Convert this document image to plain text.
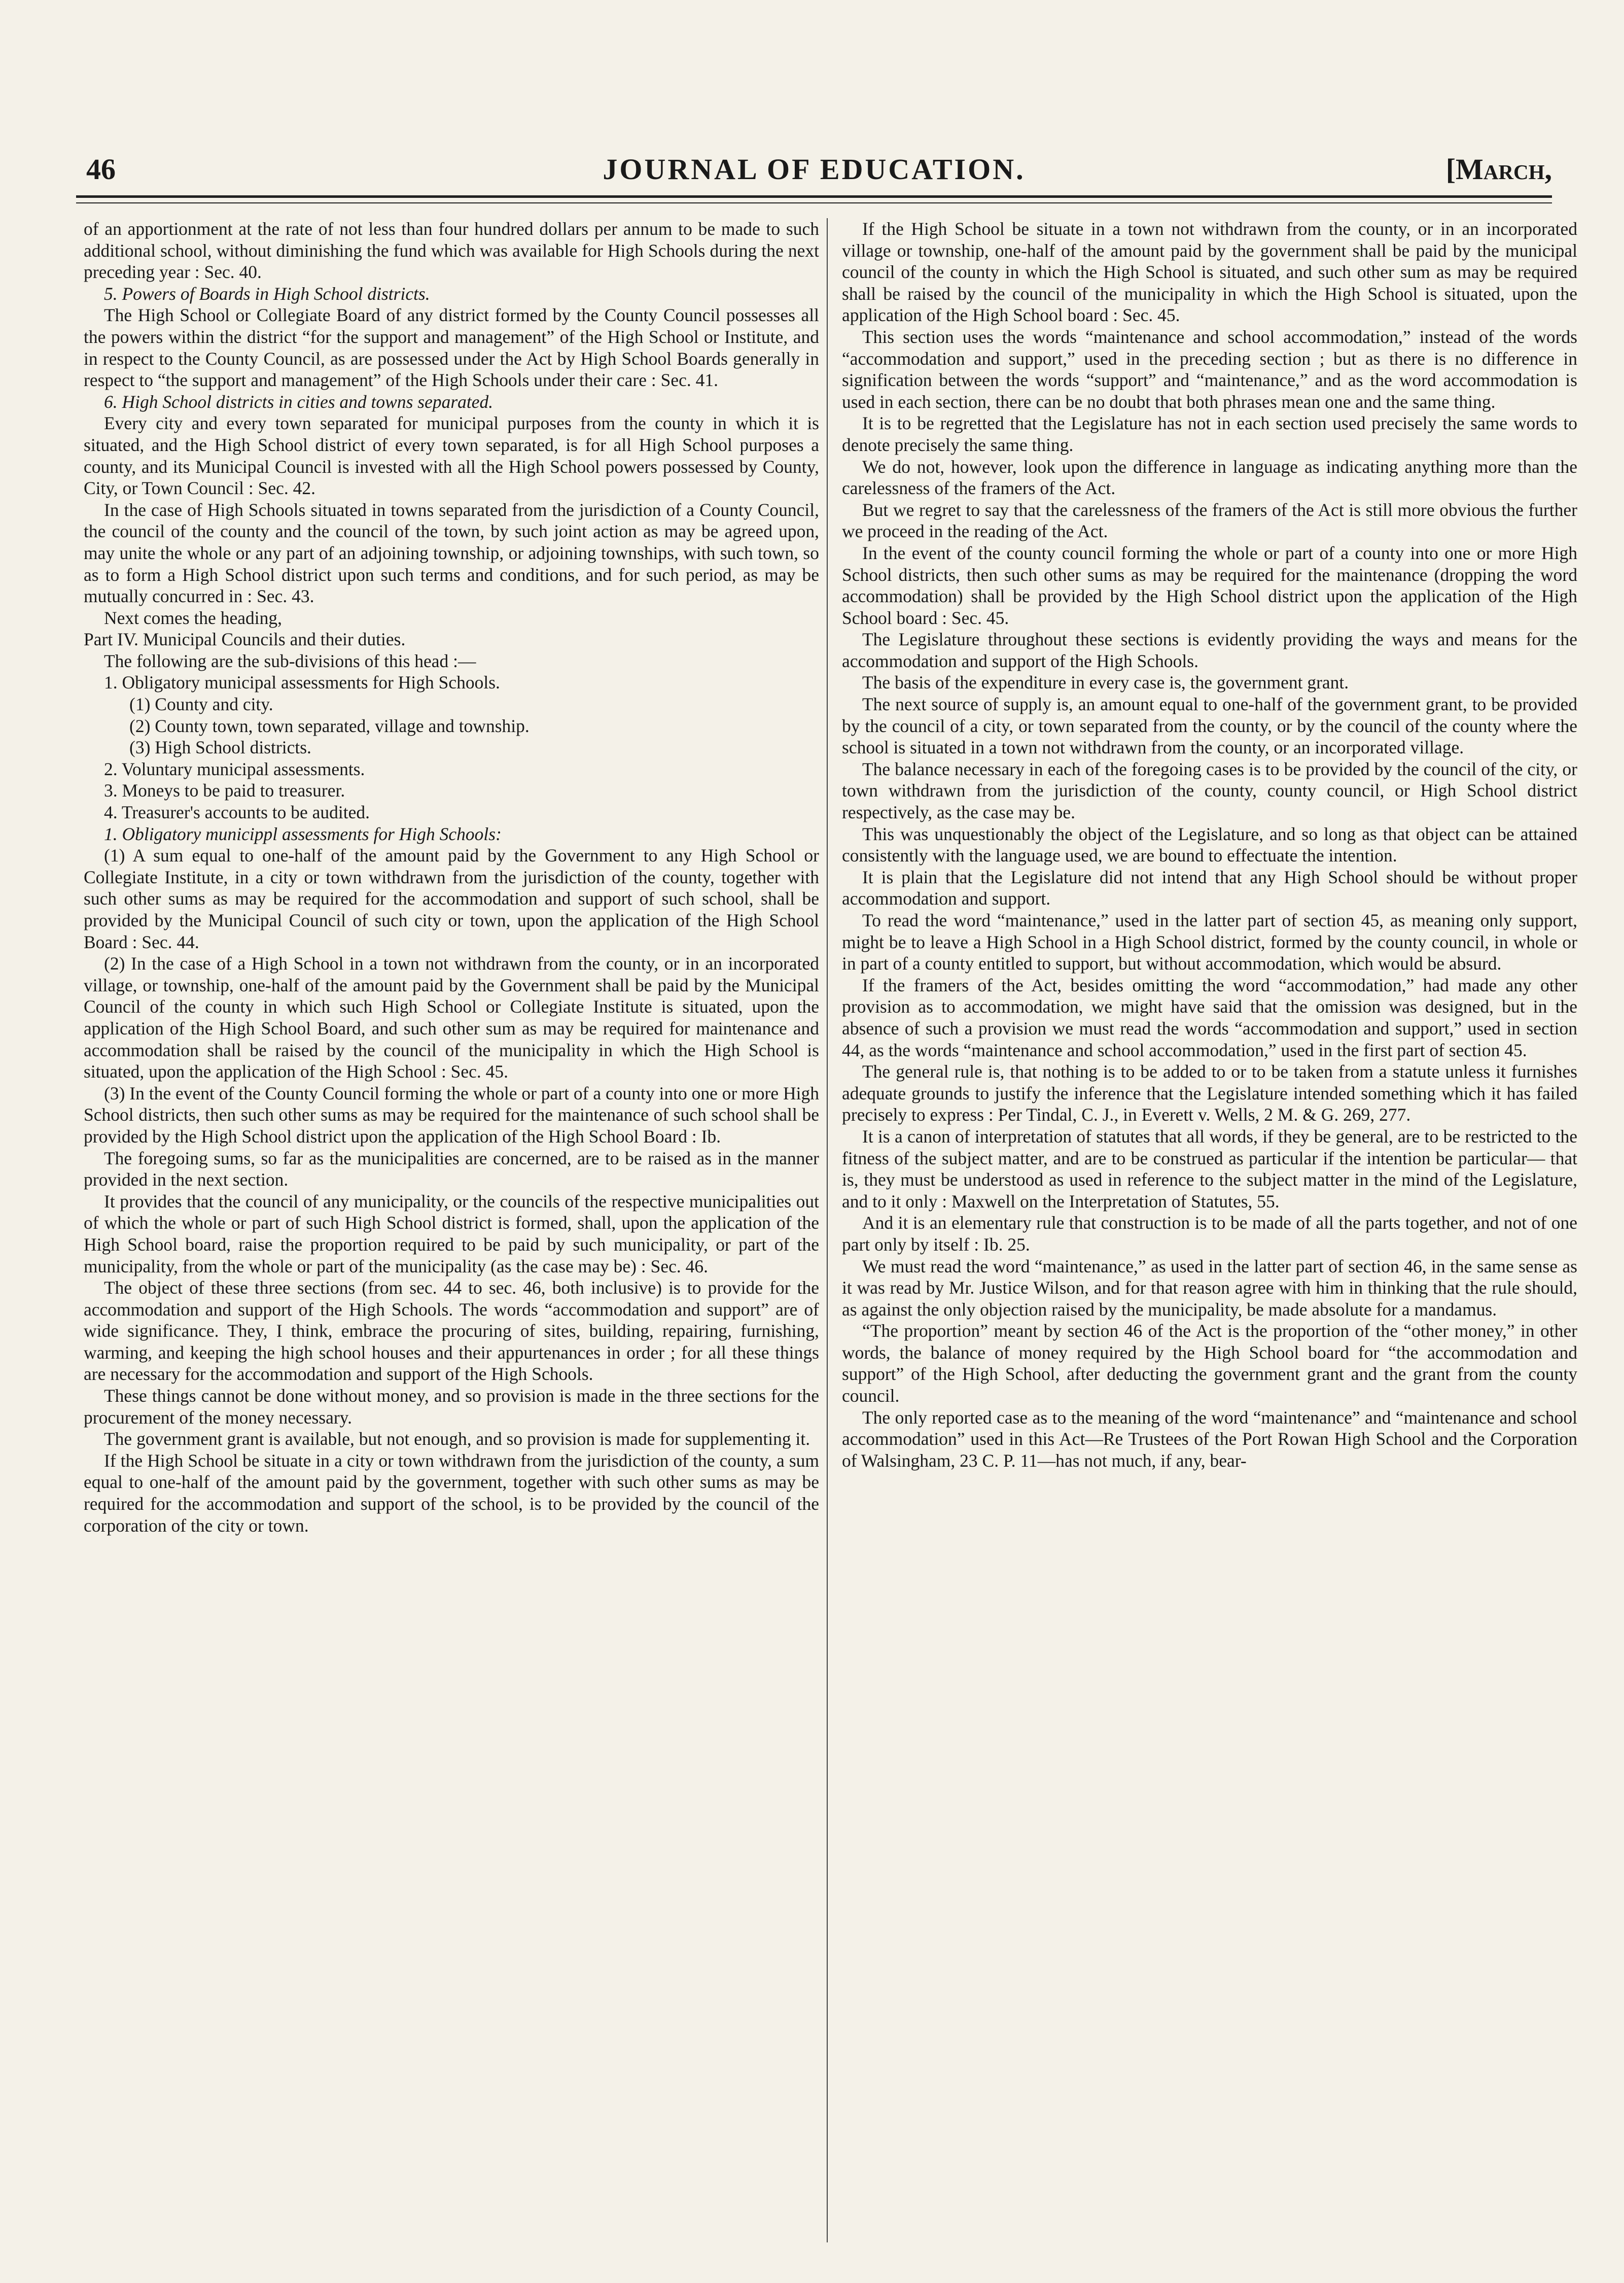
46	JOURNAL OF EDUCATION.	[March,

of an apportionment at the rate of not less than four hundred dollars per annum to be made to such additional school, without diminishing the fund which was available for High Schools during the next preceding year : Sec. 40.

5. Powers of Boards in High School districts.

The High School or Collegiate Board of any district formed by the County Council possesses all the powers within the district “for the support and management” of the High School or Institute, and in respect to the County Council, as are possessed under the Act by High School Boards generally in respect to “the support and management” of the High Schools under their care : Sec. 41.

6. High School districts in cities and towns separated.

Every city and every town separated for municipal purposes from the county in which it is situated, and the High School district of every town separated, is for all High School purposes a county, and its Municipal Council is invested with all the High School powers possessed by County, City, or Town Council : Sec. 42.

In the case of High Schools situated in towns separated from the jurisdiction of a County Council, the council of the county and the council of the town, by such joint action as may be agreed upon, may unite the whole or any part of an adjoining township, or adjoining townships, with such town, so as to form a High School district upon such terms and conditions, and for such period, as may be mutually concurred in : Sec. 43.

Next comes the heading,

Part IV. Municipal Councils and their duties.

The following are the sub-divisions of this head :—

1. Obligatory municipal assessments for High Schools.

(1) County and city.

(2) County town, town separated, village and township.

(3) High School districts.

2. Voluntary municipal assessments.

3. Moneys to be paid to treasurer.

4. Treasurer's accounts to be audited.

1. Obligatory municippl assessments for High Schools:

(1) A sum equal to one-half of the amount paid by the Government to any High School or Collegiate Institute, in a city or town withdrawn from the jurisdiction of the county, together with such other sums as may be required for the accommodation and support of such school, shall be provided by the Municipal Council of such city or town, upon the application of the High School Board : Sec. 44.

(2) In the case of a High School in a town not withdrawn from the county, or in an incorporated village, or township, one-half of the amount paid by the Government shall be paid by the Municipal Council of the county in which such High School or Collegiate Institute is situated, upon the application of the High School Board, and such other sum as may be required for maintenance and accommodation shall be raised by the council of the municipality in which the High School is situated, upon the application of the High School : Sec. 45.

(3) In the event of the County Council forming the whole or part of a county into one or more High School districts, then such other sums as may be required for the maintenance of such school shall be provided by the High School district upon the application of the High School Board : Ib.

The foregoing sums, so far as the municipalities are concerned, are to be raised as in the manner provided in the next section.

It provides that the council of any municipality, or the councils of the respective municipalities out of which the whole or part of such High School district is formed, shall, upon the application of the High School board, raise the proportion required to be paid by such municipality, or part of the municipality, from the whole or part of the municipality (as the case may be) : Sec. 46.

The object of these three sections (from sec. 44 to sec. 46, both inclusive) is to provide for the accommodation and support of the High Schools. The words “accommodation and support” are of wide significance. They, I think, embrace the procuring of sites, building, repairing, furnishing, warming, and keeping the high school houses and their appurtenances in order ; for all these things are necessary for the accommodation and support of the High Schools.

These things cannot be done without money, and so provision is made in the three sections for the procurement of the money necessary.

The government grant is available, but not enough, and so provision is made for supplementing it.

If the High School be situate in a city or town withdrawn from the jurisdiction of the county, a sum equal to one-half of the amount paid by the government, together with such other sums as may be required for the accommodation and support of the school, is to be provided by the council of the corporation of the city or town.

If the High School be situate in a town not withdrawn from the county, or in an incorporated village or township, one-half of the amount paid by the government shall be paid by the municipal council of the county in which the High School is situated, and such other sum as may be required shall be raised by the council of the municipality in which the High School is situated, upon the application of the High School board : Sec. 45.

This section uses the words “maintenance and school accommodation,” instead of the words “accommodation and support,” used in the preceding section ; but as there is no difference in signification between the words “support” and “maintenance,” and as the word accommodation is used in each section, there can be no doubt that both phrases mean one and the same thing.

It is to be regretted that the Legislature has not in each section used precisely the same words to denote precisely the same thing.

We do not, however, look upon the difference in language as indicating anything more than the carelessness of the framers of the Act.

But we regret to say that the carelessness of the framers of the Act is still more obvious the further we proceed in the reading of the Act.

In the event of the county council forming the whole or part of a county into one or more High School districts, then such other sums as may be required for the maintenance (dropping the word accommodation) shall be provided by the High School district upon the application of the High School board : Sec. 45.

The Legislature throughout these sections is evidently providing the ways and means for the accommodation and support of the High Schools.

The basis of the expenditure in every case is, the government grant.

The next source of supply is, an amount equal to one-half of the government grant, to be provided by the council of a city, or town separated from the county, or by the council of the county where the school is situated in a town not withdrawn from the county, or an incorporated village.

The balance necessary in each of the foregoing cases is to be provided by the council of the city, or town withdrawn from the jurisdiction of the county, county council, or High School district respectively, as the case may be.

This was unquestionably the object of the Legislature, and so long as that object can be attained consistently with the language used, we are bound to effectuate the intention.

It is plain that the Legislature did not intend that any High School should be without proper accommodation and support.

To read the word “maintenance,” used in the latter part of section 45, as meaning only support, might be to leave a High School in a High School district, formed by the county council, in whole or in part of a county entitled to support, but without accommodation, which would be absurd.

If the framers of the Act, besides omitting the word “accommodation,” had made any other provision as to accommodation, we might have said that the omission was designed, but in the absence of such a provision we must read the words “accommodation and support,” used in section 44, as the words “maintenance and school accommodation,” used in the first part of section 45.

The general rule is, that nothing is to be added to or to be taken from a statute unless it furnishes adequate grounds to justify the inference that the Legislature intended something which it has failed precisely to express : Per Tindal, C. J., in Everett v. Wells, 2 M. & G. 269, 277.

It is a canon of interpretation of statutes that all words, if they be general, are to be restricted to the fitness of the subject matter, and are to be construed as particular if the intention be particular— that is, they must be understood as used in reference to the subject matter in the mind of the Legislature, and to it only : Maxwell on the Interpretation of Statutes, 55.

And it is an elementary rule that construction is to be made of all the parts together, and not of one part only by itself : Ib. 25.

We must read the word “maintenance,” as used in the latter part of section 46, in the same sense as it was read by Mr. Justice Wilson, and for that reason agree with him in thinking that the rule should, as against the only objection raised by the municipality, be made absolute for a mandamus.

“The proportion” meant by section 46 of the Act is the proportion of the “other money,” in other words, the balance of money required by the High School board for “the accommodation and support” of the High School, after deducting the government grant and the grant from the county council.

The only reported case as to the meaning of the word “maintenance” and “maintenance and school accommodation” used in this Act—Re Trustees of the Port Rowan High School and the Corporation of Walsingham, 23 C. P. 11—has not much, if any, bear-
